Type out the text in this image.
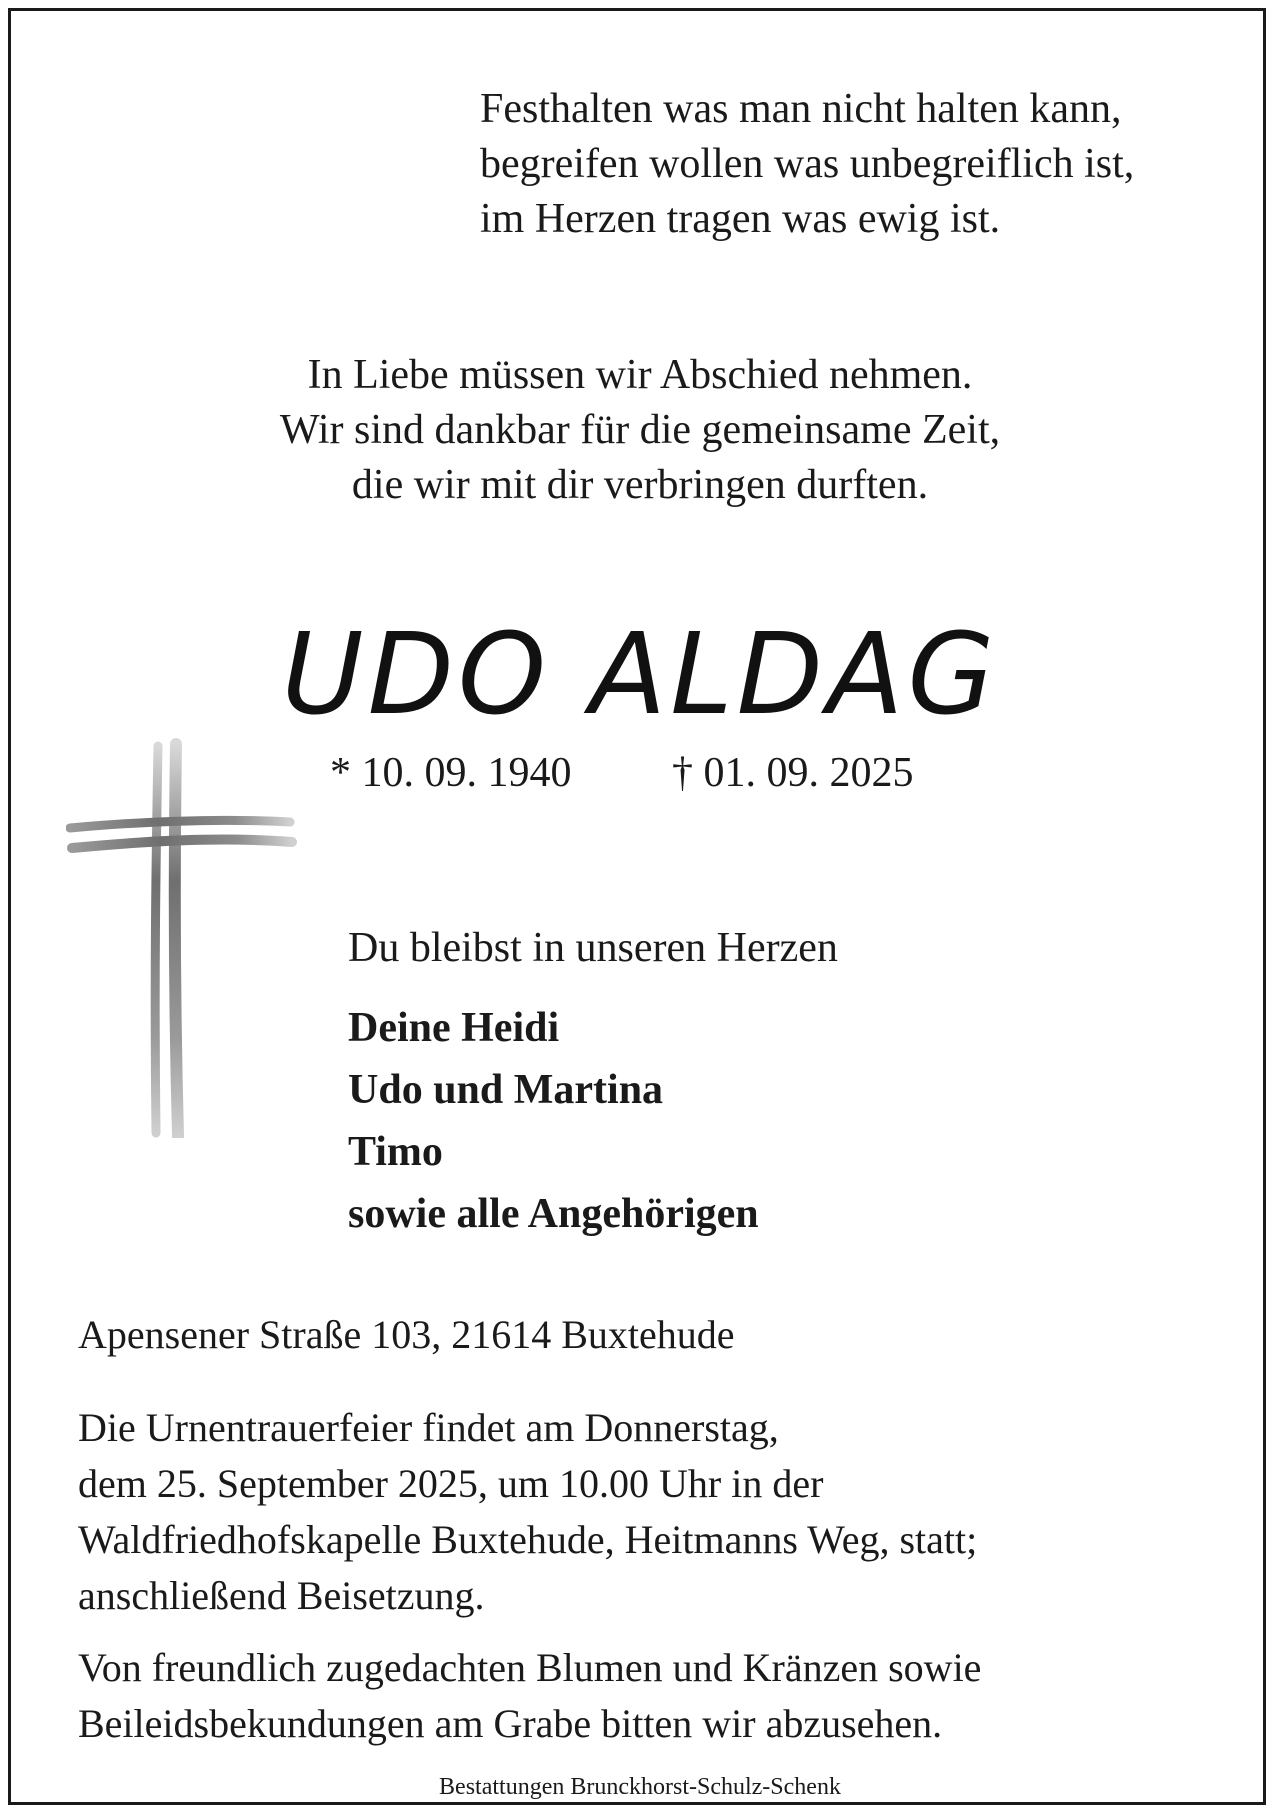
Festhalten was man nicht halten kann,
begreifen wollen was unbegreiflich ist,
im Herzen tragen was ewig ist.
In Liebe müssen wir Abschied nehmen.
Wir sind dankbar für die gemeinsame Zeit,
die wir mit dir verbringen durften.
UDO ALDAG
* 10. 09. 1940 † 01. 09. 2025
Du bleibst in unseren Herzen
Deine Heidi
Udo und Martina
Timo
sowie alle Angehörigen
Apensener Straße 103, 21614 Buxtehude
Die Urnentrauerfeier findet am Donnerstag,
dem 25. September 2025, um 10.00 Uhr in der
Waldfriedhofskapelle Buxtehude, Heitmanns Weg, statt;
anschließend Beisetzung.
Von freundlich zugedachten Blumen und Kränzen sowie
Beileidsbekundungen am Grabe bitten wir abzusehen.
Bestattungen Brunckhorst-Schulz-Schenk
